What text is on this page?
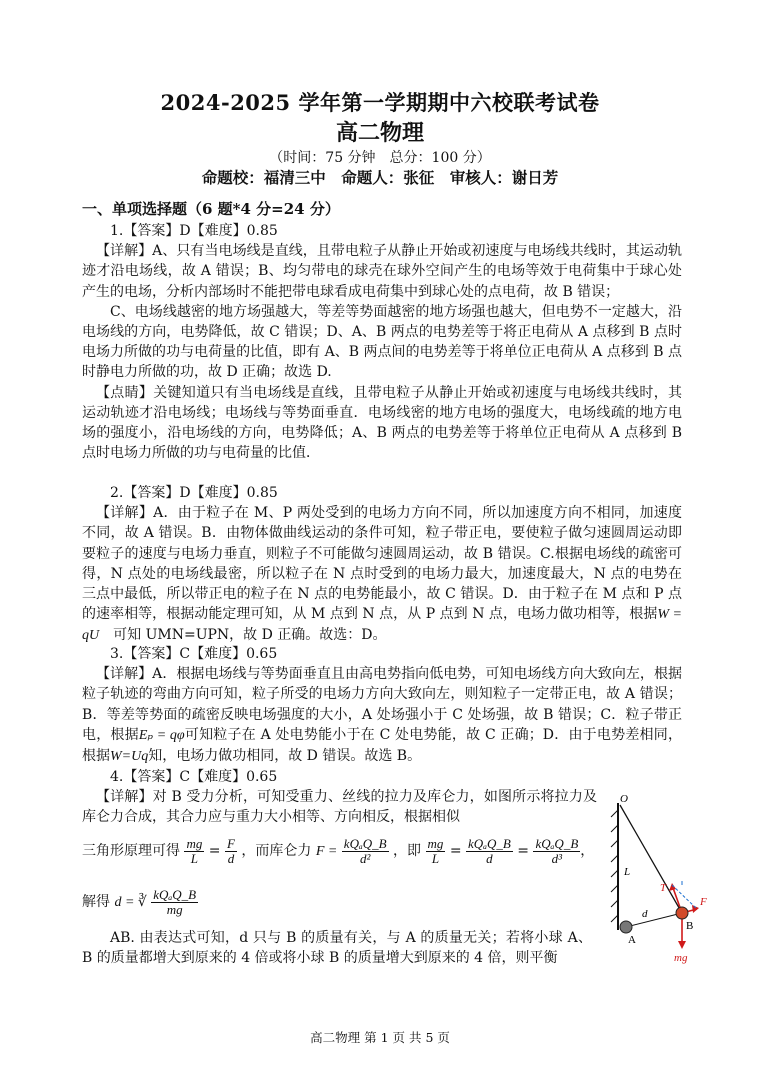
2024-2025 学年第一学期期中六校联考试卷
高二物理
（时间：75 分钟　总分：100 分）
命题校：福清三中　命题人：张征　审核人：谢日芳
一、单项选择题（6 题*4 分=24 分）

1.【答案】D【难度】0.85

【详解】A、只有当电场线是直线，且带电粒子从静止开始或初速度与电场线共线时，其运动轨迹才沿电场线，故 A 错误；B、均匀带电的球壳在球外空间产生的电场等效于电荷集中于球心处产生的电场，分析内部场时不能把带电球看成电荷集中到球心处的点电荷，故 B 错误；

C、电场线越密的地方场强越大，等差等势面越密的地方场强也越大，但电势不一定越大，沿电场线的方向，电势降低，故 C 错误；D、A、B 两点的电势差等于将正电荷从 A 点移到 B 点时电场力所做的功与电荷量的比值，即有 A、B 两点间的电势差等于将单位正电荷从 A 点移到 B 点时静电力所做的功，故 D 正确；故选 D.

【点睛】关键知道只有当电场线是直线，且带电粒子从静止开始或初速度与电场线共线时，其运动轨迹才沿电场线；电场线与等势面垂直．电场线密的地方电场的强度大，电场线疏的地方电场的强度小，沿电场线的方向，电势降低；A、B 两点的电势差等于将单位正电荷从 A 点移到 B 点时电场力所做的功与电荷量的比值．

2.【答案】D【难度】0.85

【详解】A．由于粒子在 M、P 两处受到的电场力方向不同，所以加速度方向不相同，加速度不同，故 A 错误。B．由物体做曲线运动的条件可知，粒子带正电，要使粒子做匀速圆周运动即要粒子的速度与电场力垂直，则粒子不可能做匀速圆周运动，故 B 错误。C.根据电场线的疏密可得，N 点处的电场线最密，所以粒子在 N 点时受到的电场力最大，加速度最大，N 点的电势在三点中最低，所以带正电的粒子在 N 点的电势能最小，故 C 错误。D．由于粒子在 M 点和 P 点的速率相等，根据动能定理可知，从 M 点到 N 点，从 P 点到 N 点，电场力做功相等，根据W = qU　可知 UMN=UPN，故 D 正确。故选：D。

3.【答案】C【难度】0.65

【详解】A．根据电场线与等势面垂直且由高电势指向低电势，可知电场线方向大致向左，根据粒子轨迹的弯曲方向可知，粒子所受的电场力方向大致向左，则知粒子一定带正电，故 A 错误；B．等差等势面的疏密反映电场强度的大小，A 处场强小于 C 处场强，故 B 错误；C．粒子带正电，根据Eₚ = qφ可知粒子在 A 处电势能小于在 C 处电势能，故 C 正确；D．由于电势差相同，根据W=Uq知，电场力做功相同，故 D 错误。故选 B。

4.【答案】C【难度】0.65

【详解】对 B 受力分析，可知受重力、丝线的拉力及库仑力，如图所示将拉力及库仑力合成，其合力应与重力大小相等、方向相反，根据相似

三角形原理可得 $\frac{mg}{L} = \frac{F}{d}$ ，而库仑力 F =
kQₐQ_B
d²	，即 $\frac{mg}{L}$ = kQₐQ_B
d	= kQₐQ_B
d³	，
解得 d = ∛
kQₐQ_B
mg

AB. 由表达式可知，d 只与 B 的质量有关，与 A 的质量无关；若将小球 A、B 的质量都增大到原来的 4 倍或将小球 B 的质量增大到原来的 4 倍，则平衡

O
L
T
F
d
A
B
mg
高二物理 第 1 页 共 5 页
